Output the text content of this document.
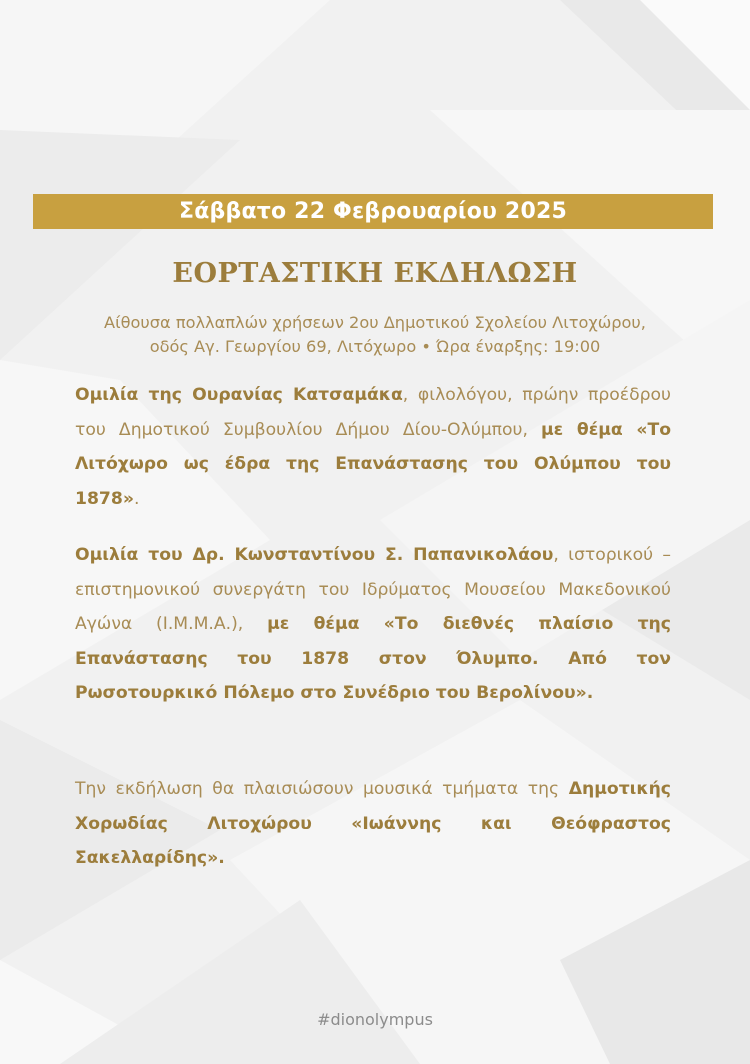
Σάββατο 22 Φεβρουαρίου 2025
ΕΟΡΤΑΣΤΙΚΗ ΕΚΔΗΛΩΣΗ
Αίθουσα πολλαπλών χρήσεων 2ου Δημοτικού Σχολείου Λιτοχώρου,
οδός Αγ. Γεωργίου 69, Λιτόχωρο • Ώρα έναρξης: 19:00
Ομιλία της Ουρανίας Κατσαμάκα, φιλολόγου, πρώην προέδρου του Δημοτικού Συμβουλίου Δήμου Δίου-Ολύμπου, με θέμα «Το Λιτόχωρο ως έδρα της Επανάστασης του Ολύμπου του 1878».
Ομιλία του Δρ. Κωνσταντίνου Σ. Παπανικολάου, ιστορικού – επιστημονικού συνεργάτη του Ιδρύματος Μουσείου Μακεδονικού Αγώνα (Ι.Μ.Μ.Α.), με θέμα «Το διεθνές πλαίσιο της Επανάστασης του 1878 στον Όλυμπο. Από τον Ρωσοτουρκικό Πόλεμο στο Συνέδριο του Βερολίνου».
Την εκδήλωση θα πλαισιώσουν μουσικά τμήματα της Δημοτικής Χορωδίας Λιτοχώρου «Ιωάννης και Θεόφραστος Σακελλαρίδης».
#dionolympus
